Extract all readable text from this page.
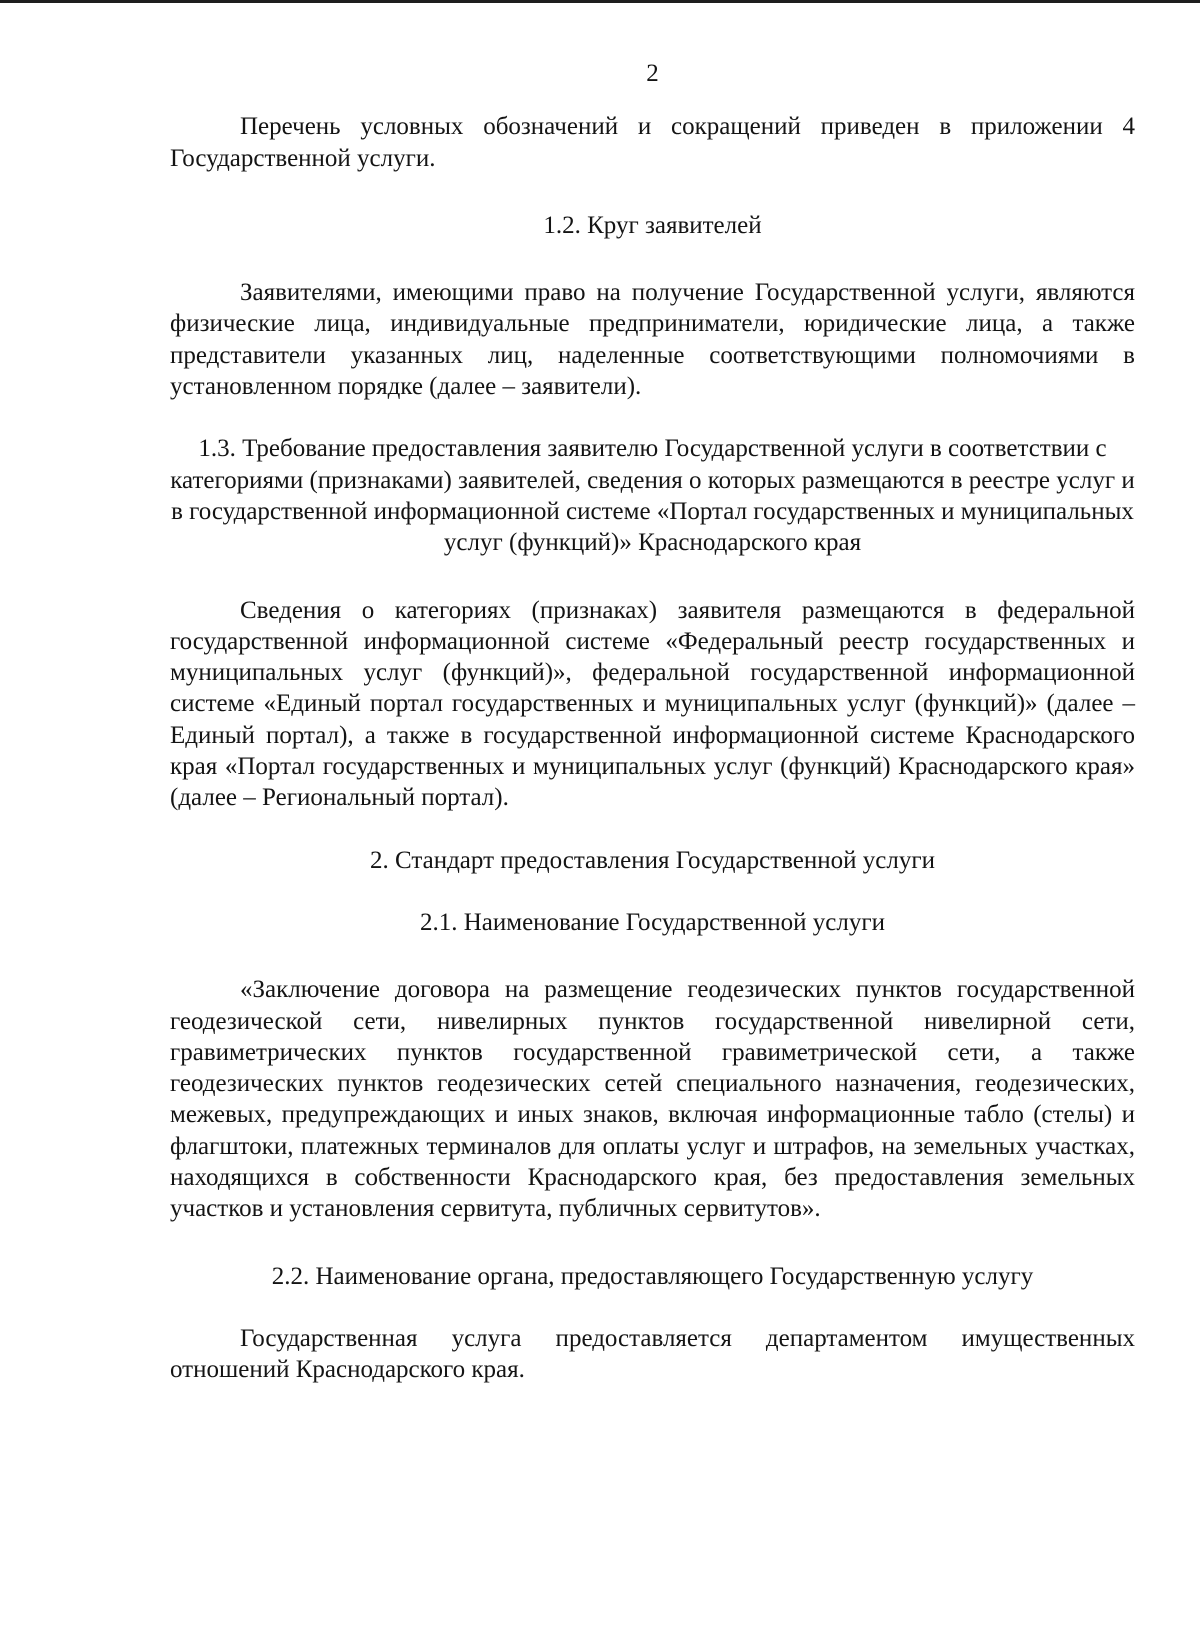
2

Перечень условных обозначений и сокращений приведен в приложении 4 Государственной услуги.

1.2. Круг заявителей

Заявителями, имеющими право на получение Государственной услуги, являются физические лица, индивидуальные предприниматели, юридические лица, а также представители указанных лиц, наделенные соответствующими полномочиями в установленном порядке (далее – заявители).

1.3. Требование предоставления заявителю Государственной услуги в соответствии с категориями (признаками) заявителей, сведения о которых размещаются в реестре услуг и в государственной информационной системе «Портал государственных и муниципальных услуг (функций)» Краснодарского края

Сведения о категориях (признаках) заявителя размещаются в федеральной государственной информационной системе «Федеральный реестр государственных и муниципальных услуг (функций)», федеральной государственной информационной системе «Единый портал государственных и муниципальных услуг (функций)» (далее – Единый портал), а также в государственной информационной системе Краснодарского края «Портал государственных и муниципальных услуг (функций) Краснодарского края» (далее – Региональный портал).

2. Стандарт предоставления Государственной услуги

2.1. Наименование Государственной услуги

«Заключение договора на размещение геодезических пунктов государственной геодезической сети, нивелирных пунктов государственной нивелирной сети, гравиметрических пунктов государственной гравиметрической сети, а также геодезических пунктов геодезических сетей специального назначения, геодезических, межевых, предупреждающих и иных знаков, включая информационные табло (стелы) и флагштоки, платежных терминалов для оплаты услуг и штрафов, на земельных участках, находящихся в собственности Краснодарского края, без предоставления земельных участков и установления сервитута, публичных сервитутов».

2.2. Наименование органа, предоставляющего Государственную услугу

Государственная услуга предоставляется департаментом имущественных отношений Краснодарского края.
